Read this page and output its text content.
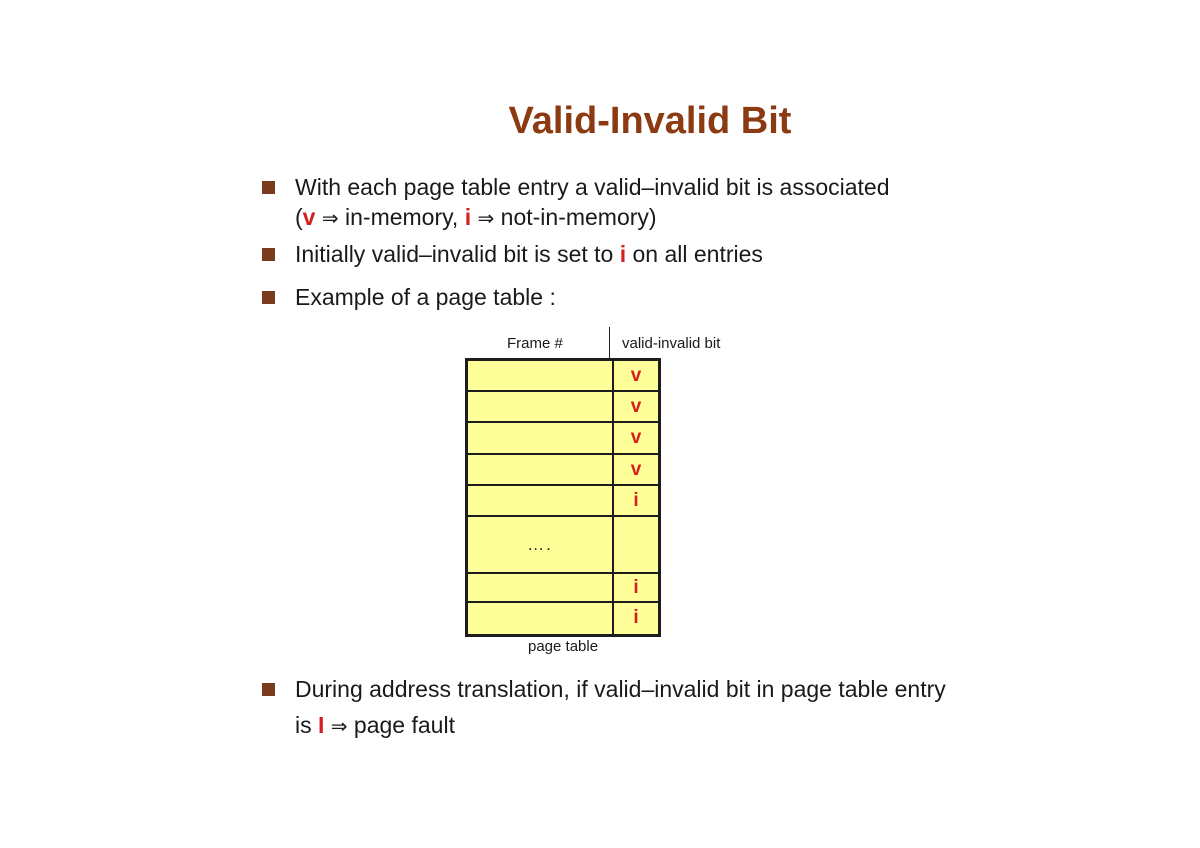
Valid-Invalid Bit
With each page table entry a valid–invalid bit is associated
(v ⇒ in-memory, i ⇒ not-in-memory)
Initially valid–invalid bit is set to i on all entries
Example of a page table :
Frame #	valid-invalid bit
v
v
v
v
i
….
i
i
page table
During address translation, if valid–invalid bit in page table entry
is I ⇒ page fault
